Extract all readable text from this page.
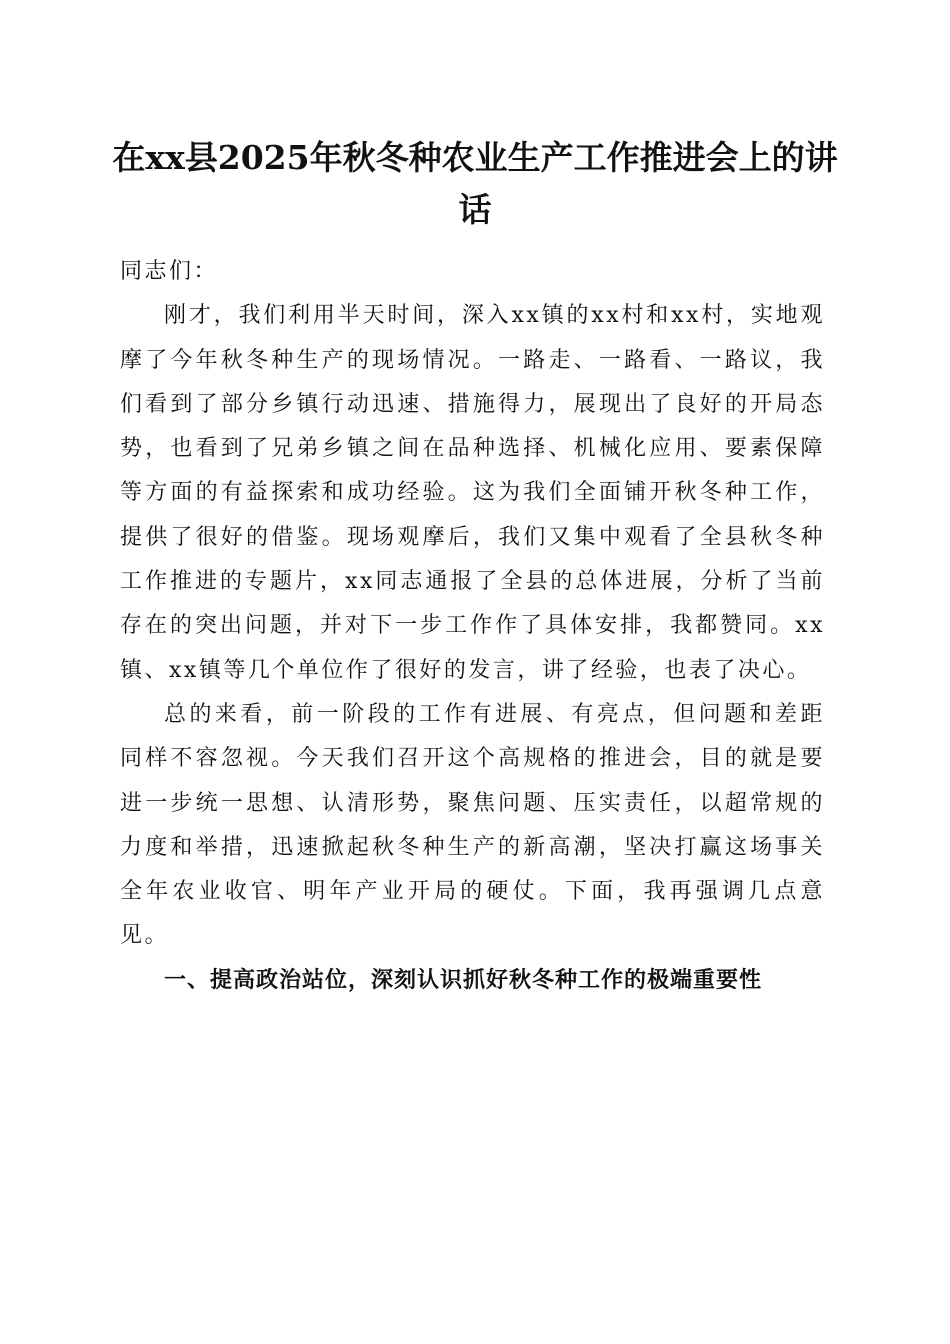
在xx县2025年秋冬种农业生产工作推进会上的讲话

同志们：

刚才，我们利用半天时间，深入xx镇的xx村和xx村，实地观摩了今年秋冬种生产的现场情况。一路走、一路看、一路议，我们看到了部分乡镇行动迅速、措施得力，展现出了良好的开局态势，也看到了兄弟乡镇之间在品种选择、机械化应用、要素保障等方面的有益探索和成功经验。这为我们全面铺开秋冬种工作，提供了很好的借鉴。现场观摩后，我们又集中观看了全县秋冬种工作推进的专题片，xx同志通报了全县的总体进展，分析了当前存在的突出问题，并对下一步工作作了具体安排，我都赞同。xx镇、xx镇等几个单位作了很好的发言，讲了经验，也表了决心。

总的来看，前一阶段的工作有进展、有亮点，但问题和差距同样不容忽视。今天我们召开这个高规格的推进会，目的就是要进一步统一思想、认清形势，聚焦问题、压实责任，以超常规的力度和举措，迅速掀起秋冬种生产的新高潮，坚决打赢这场事关全年农业收官、明年产业开局的硬仗。下面，我再强调几点意见。

一、提高政治站位，深刻认识抓好秋冬种工作的极端重要性
